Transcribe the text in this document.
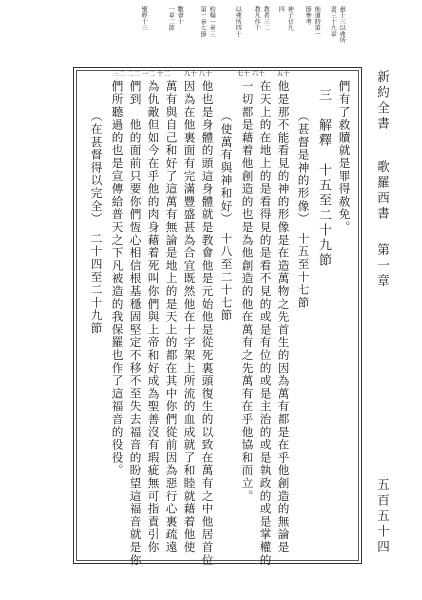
惠十三以弗所
書三十九章
佈道時第一
節參考
神子甘九
四
教者三二
教凡作十
以弗所四十
約翰一章三
第一章七節
數會十
一章二節
聖經十三
新約全書
歌羅西書
第一章
五百五十四
十五
十六
十七
十八
十九
二十
二一
二二
二三
們有了救贖就是罪得赦免。
三　解釋　十五至二十九節
（甚督是神的形像）　十五至十七節
他是那不能看見的神的形像是在造萬物之先首生的因為萬有都是在乎他創造的無論是
在天上的在地上的是看得見的是看不見的或是有位的或是主治的或是執政的或是掌權的
一切都是藉着他創造的也是為他創造的他在萬有之先萬有在乎他協和而立。
（使萬有與神和好）　十八至二十七節
他也是身體的頭這身體就是教會他是元始他是從死裏頭復生的以致在萬有之中他居首位
因為在他裏面有完滿豐盛甚為合宜既然他在十字架上所流的血成就了和睦就藉着他使
萬有與自己和好了這萬有無論是地上的是天上的都在其中你們從前因為惡行心裏疏遠
為仇敵但如今在乎他的肉身藉着死叫你們與上帝和好成為聖善沒有瑕疵無可指責引你
們到　他的面前只要你們恆心相信根基穩固堅定不移不至失去福音的盼望這福音就是你
們所聽過的也是宣傳給普天之下凡被造的我保羅也作了這福音的役役。
（在甚督得以完全）　二十四至二十九節
